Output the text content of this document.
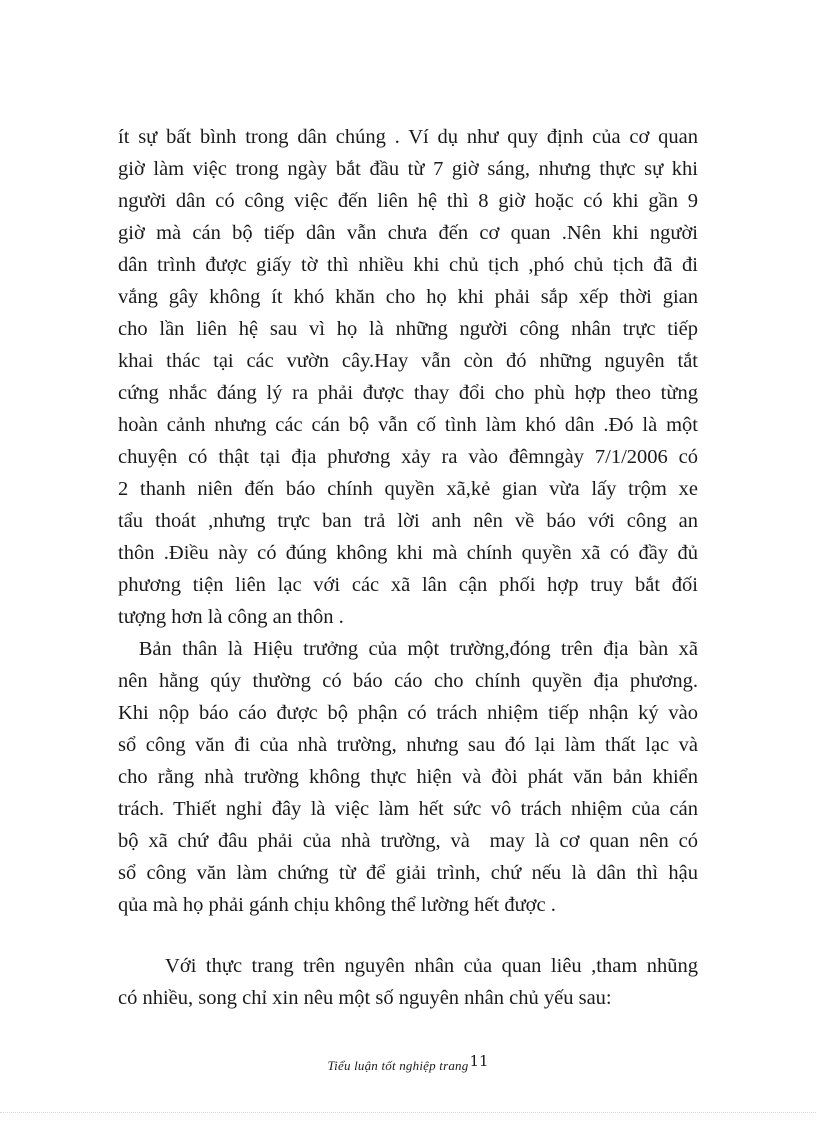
ít sự bất bình trong dân chúng . Ví dụ như quy định của cơ quan
giờ làm việc trong ngày bắt đầu từ 7 giờ sáng, nhưng thực sự khi
người dân có công việc đến liên hệ thì 8 giờ hoặc có khi gần 9
giờ mà cán bộ tiếp dân vẫn chưa đến cơ quan .Nên khi người
dân trình được giấy tờ thì nhiều khi chủ tịch ,phó chủ tịch đã đi
vắng gây không ít khó khăn cho họ khi phải sắp xếp thời gian
cho lần liên hệ sau vì họ là những người công nhân trực tiếp
khai thác tại các vườn cây.Hay vẫn còn đó những nguyên tắt
cứng nhắc đáng lý ra phải được thay đổi cho phù hợp theo từng
hoàn cảnh nhưng các cán bộ vẫn cố tình làm khó dân .Đó là một
chuyện có thật tại địa phương xảy ra vào đêmngày 7/1/2006 có
2 thanh niên đến báo chính quyền xã,kẻ gian vừa lấy trộm xe
tẩu thoát ,nhưng trực ban trả lời anh nên về báo với công an
thôn .Điều này có đúng không khi mà chính quyền xã có đầy đủ
phương tiện liên lạc với các xã lân cận phối hợp truy bắt đối
tượng hơn là công an thôn .
Bản thân là Hiệu trưởng của một trường,đóng trên địa bàn xã
nên hằng qúy thường có báo cáo cho chính quyền địa phương.
Khi nộp báo cáo được bộ phận có trách nhiệm tiếp nhận ký vào
sổ công văn đi của nhà trường, nhưng sau đó lại làm thất lạc và
cho rằng nhà trường không thực hiện và đòi phát văn bản khiển
trách. Thiết nghỉ đây là việc làm hết sức vô trách nhiệm của cán
bộ xã chứ đâu phải của nhà trường, và  may là cơ quan nên có
sổ công văn làm chứng từ để giải trình, chứ nếu là dân thì hậu
qủa mà họ phải gánh chịu không thể lường hết được .
Với thực trang trên nguyên nhân của quan liêu ,tham nhũng
có nhiều, song chỉ xin nêu một số nguyên nhân chủ yếu sau:
Tiểu luận tốt nghiệp trang11
